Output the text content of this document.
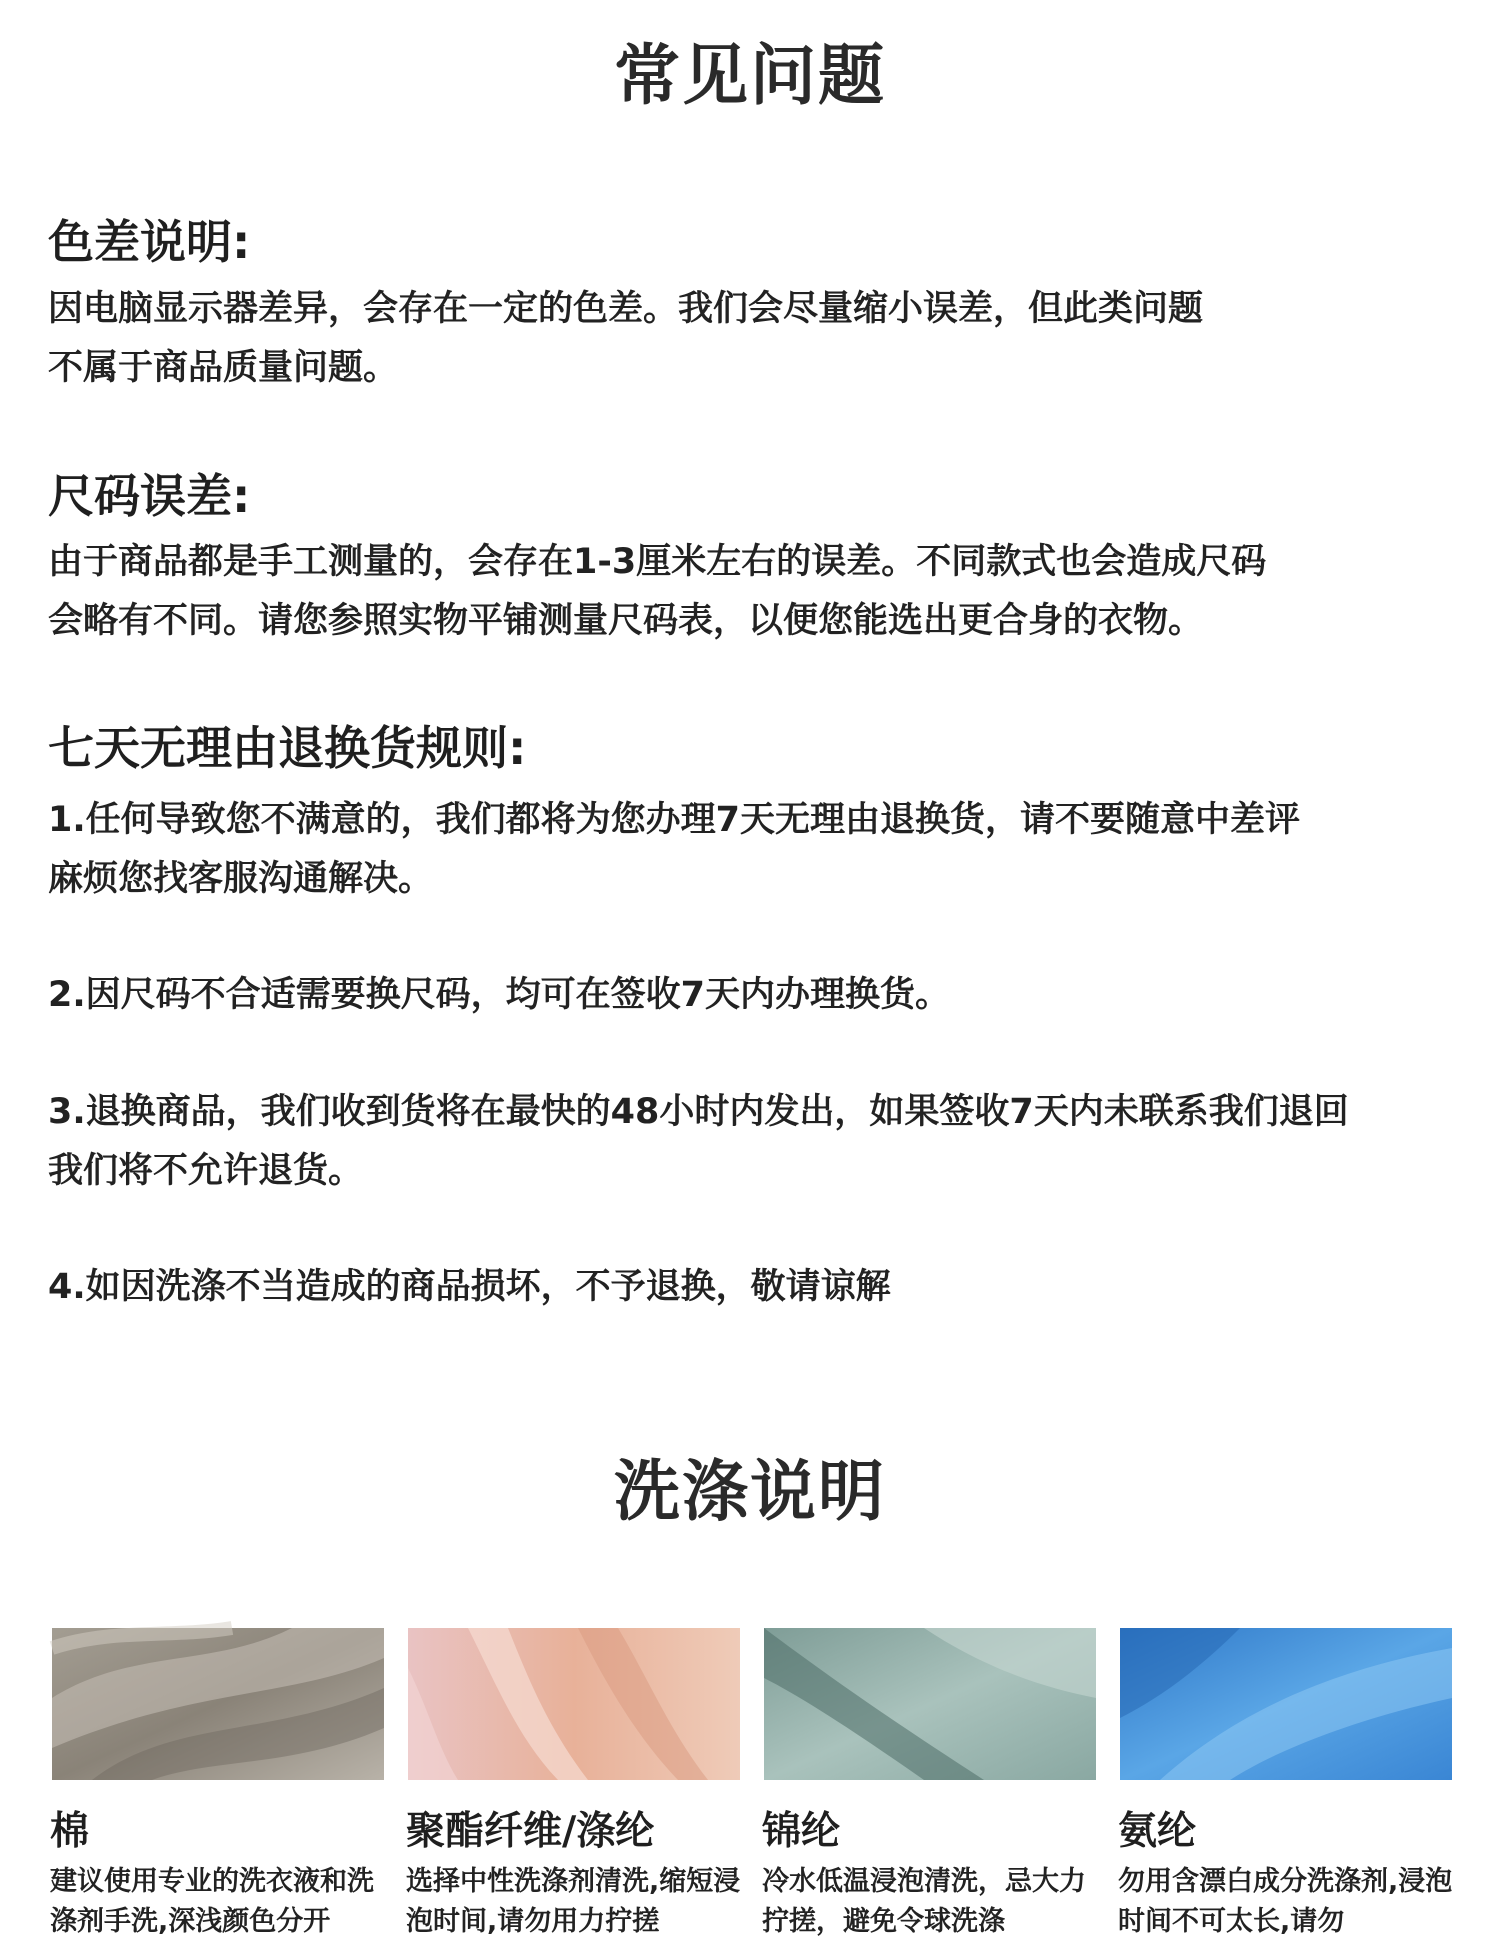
常见问题
色差说明:
因电脑显示器差异，会存在一定的色差。我们会尽量缩小误差，但此类问题
不属于商品质量问题。
尺码误差:
由于商品都是手工测量的，会存在1-3厘米左右的误差。不同款式也会造成尺码
会略有不同。请您参照实物平铺测量尺码表，以便您能选出更合身的衣物。
七天无理由退换货规则:
1.任何导致您不满意的，我们都将为您办理7天无理由退换货，请不要随意中差评
麻烦您找客服沟通解决。
2.因尺码不合适需要换尺码，均可在签收7天内办理换货。
3.退换商品，我们收到货将在最快的48小时内发出，如果签收7天内未联系我们退回
我们将不允许退货。
4.如因洗涤不当造成的商品损坏，不予退换，敬请谅解
洗涤说明
棉	聚酯纤维/涤纶	锦纶	氨纶
建议使用专业的洗衣液和洗涤剂手洗,深浅颜色分开
选择中性洗涤剂清洗,缩短浸泡时间,请勿用力拧搓
冷水低温浸泡清洗，忌大力拧搓，避免令球洗涤
勿用含漂白成分洗涤剂,浸泡时间不可太长,请勿
